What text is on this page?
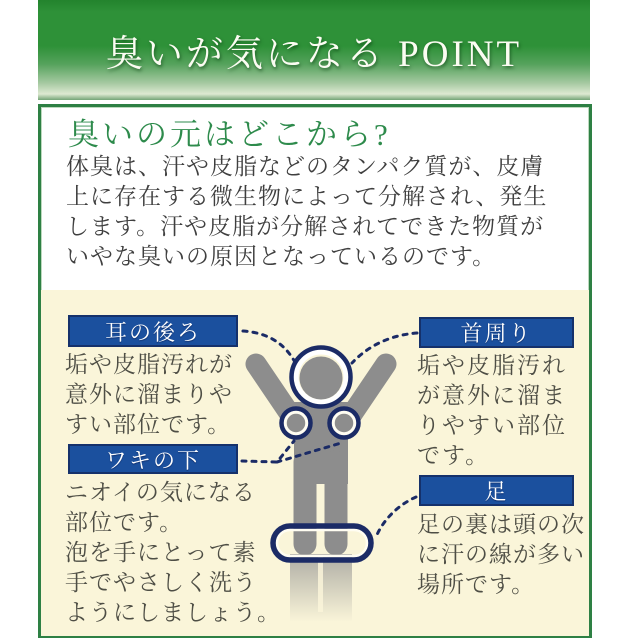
臭いが気になる POINT
臭いの元はどこから?

体臭は、汗や皮脂などのタンパク質が、皮膚
上に存在する微生物によって分解され、発生
します。汗や皮脂が分解されてできた物質が
いやな臭いの原因となっているのです。

耳の後ろ	首周り
ワキの下
足
垢や皮脂汚れが
意外に溜まりや
すい部位です。
垢や皮脂汚れ
が意外に溜ま
りやすい部位
です。
ニオイの気になる
部位です。
泡を手にとって素
手でやさしく洗う
ようにしましょう。
足の裏は頭の次
に汗の線が多い
場所です。
